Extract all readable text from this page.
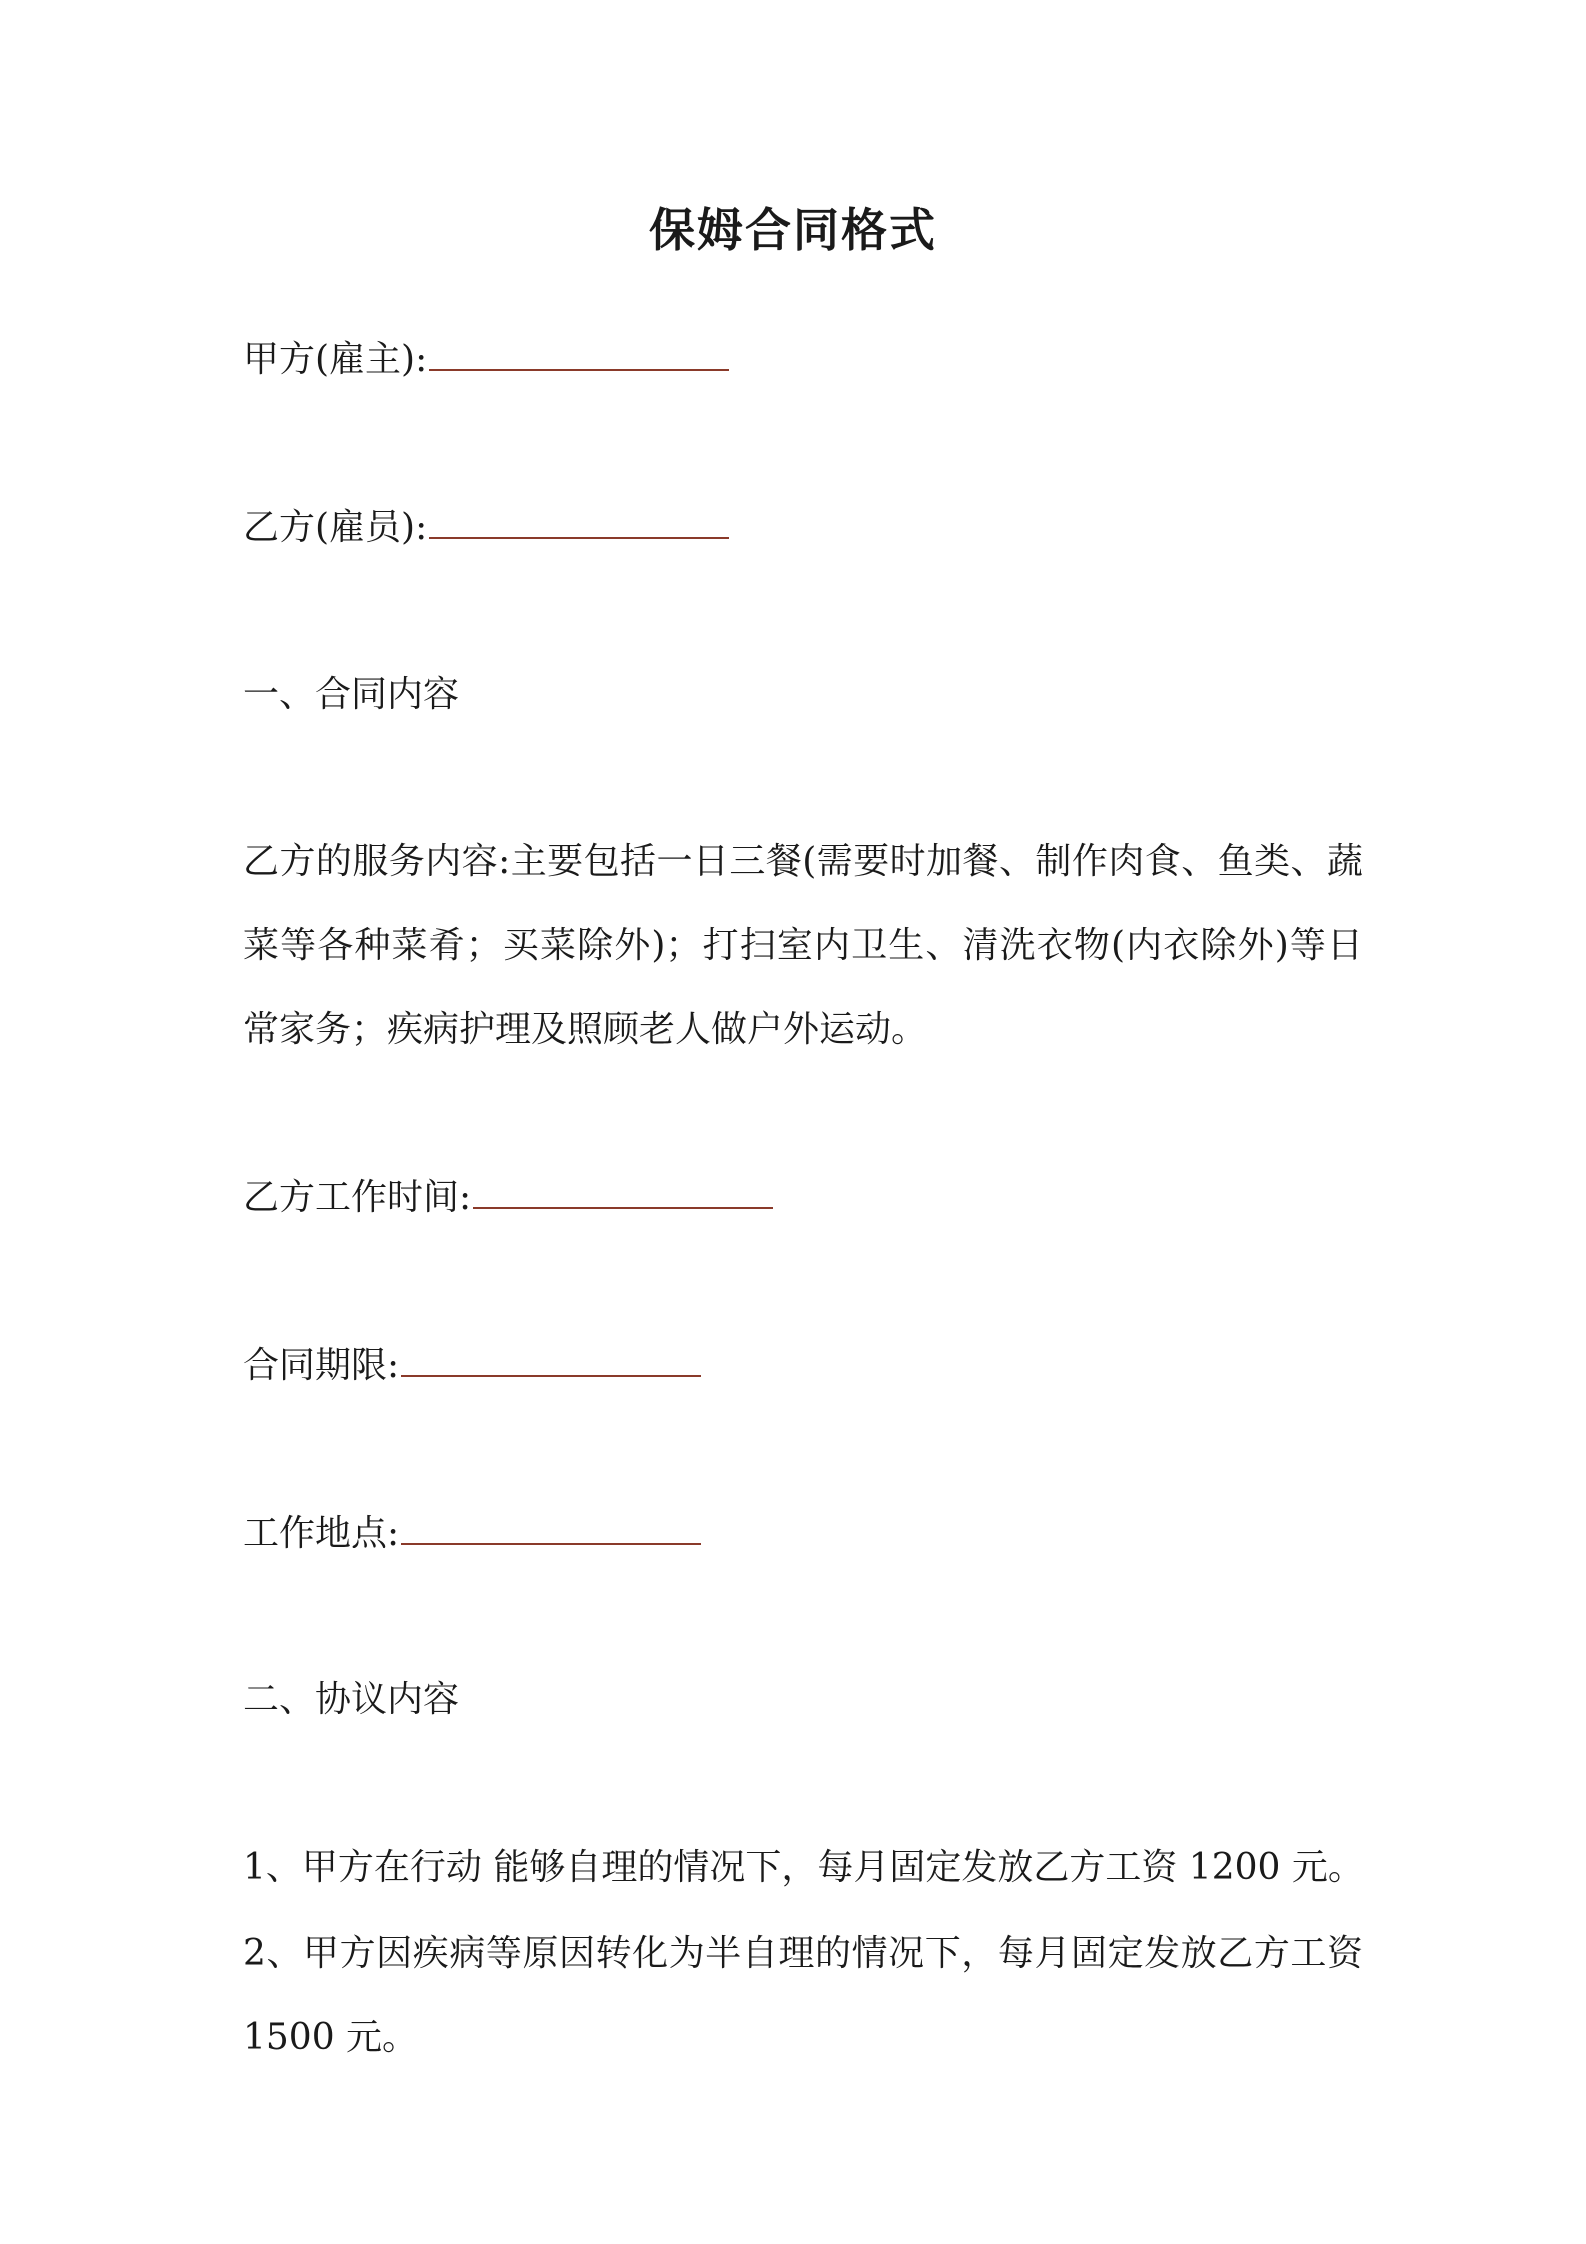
保姆合同格式
甲方(雇主):
乙方(雇员):
一、合同内容
乙方的服务内容:主要包括一日三餐(需要时加餐、制作肉食、鱼类、蔬菜等各种菜肴；买菜除外)；打扫室内卫生、清洗衣物(内衣除外)等日常家务；疾病护理及照顾老人做户外运动。
乙方工作时间:
合同期限:
工作地点:
二、协议内容
1、甲方在行动 能够自理的情况下，每月固定发放乙方工资 1200 元。
2、甲方因疾病等原因转化为半自理的情况下，每月固定发放乙方工资 1500 元。
